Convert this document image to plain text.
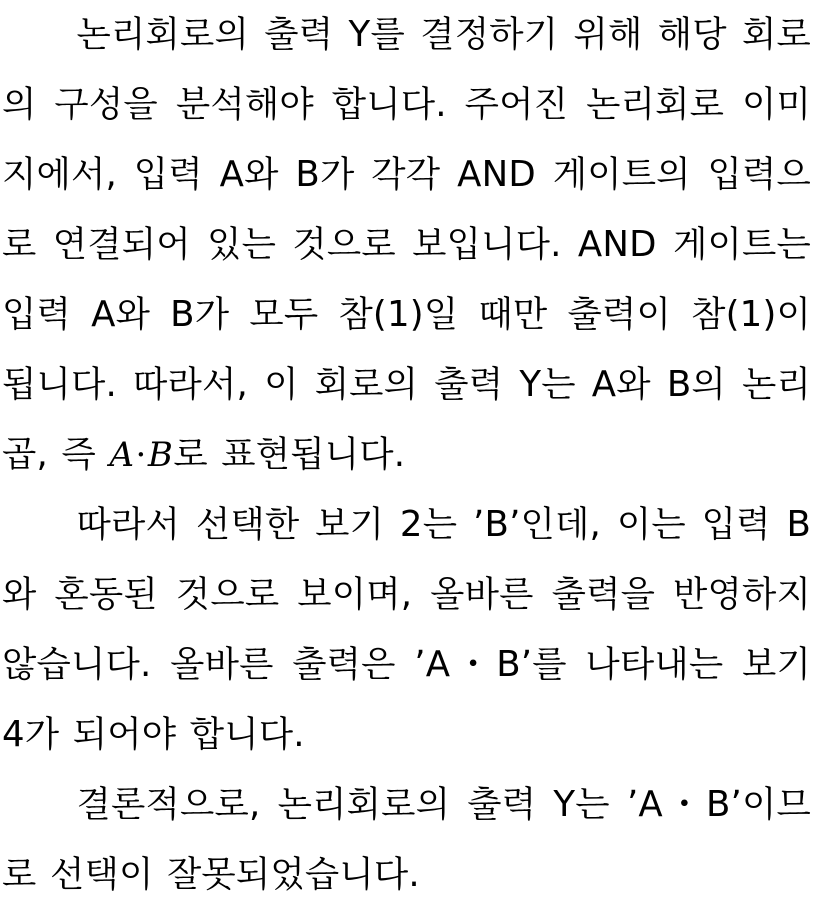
논리회로의 출력 Y를 결정하기 위해 해당 회로의 구성을 분석해야 합니다. 주어진 논리회로 이미지에서, 입력 A와 B가 각각 AND 게이트의 입력으로 연결되어 있는 것으로 보입니다. AND 게이트는 입력 A와 B가 모두 참(1)일 때만 출력이 참(1)이 됩니다. 따라서, 이 회로의 출력 Y는 A와 B의 논리곱, 즉 A·B로 표현됩니다.

따라서 선택한 보기 2는 ’B’인데, 이는 입력 B와 혼동된 것으로 보이며, 올바른 출력을 반영하지 않습니다. 올바른 출력은 ’A・B’를 나타내는 보기 4가 되어야 합니다.

결론적으로, 논리회로의 출력 Y는 ’A・B’이므로 선택이 잘못되었습니다.
